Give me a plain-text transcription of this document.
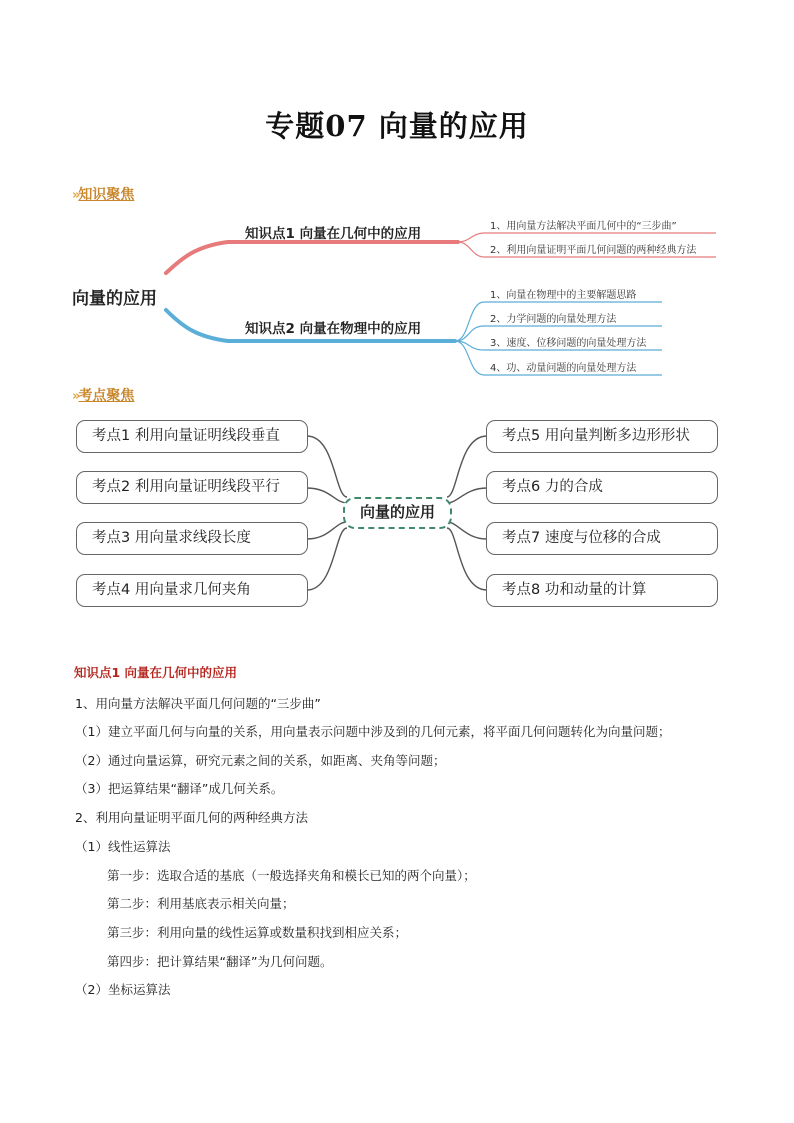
专题07 向量的应用
»知识聚焦
向量的应用
知识点1 向量在几何中的应用
知识点2 向量在物理中的应用
1、用向量方法解决平面几何中的“三步曲”
2、利用向量证明平面几何问题的两种经典方法
1、向量在物理中的主要解题思路
2、力学问题的向量处理方法
3、速度、位移问题的向量处理方法
4、功、动量问题的向量处理方法
»考点聚焦
考点1 利用向量证明线段垂直
考点2 利用向量证明线段平行
考点3 用向量求线段长度
考点4 用向量求几何夹角
考点5 用向量判断多边形形状
考点6 力的合成
考点7 速度与位移的合成
考点8 功和动量的计算
向量的应用
知识点1 向量在几何中的应用
1、用向量方法解决平面几何问题的“三步曲”
（1）建立平面几何与向量的关系，用向量表示问题中涉及到的几何元素，将平面几何问题转化为向量问题；
（2）通过向量运算，研究元素之间的关系，如距离、夹角等问题；
（3）把运算结果“翻译”成几何关系。
2、利用向量证明平面几何的两种经典方法
（1）线性运算法
第一步：选取合适的基底（一般选择夹角和模长已知的两个向量）；
第二步：利用基底表示相关向量；
第三步：利用向量的线性运算或数量积找到相应关系；
第四步：把计算结果“翻译”为几何问题。
（2）坐标运算法
